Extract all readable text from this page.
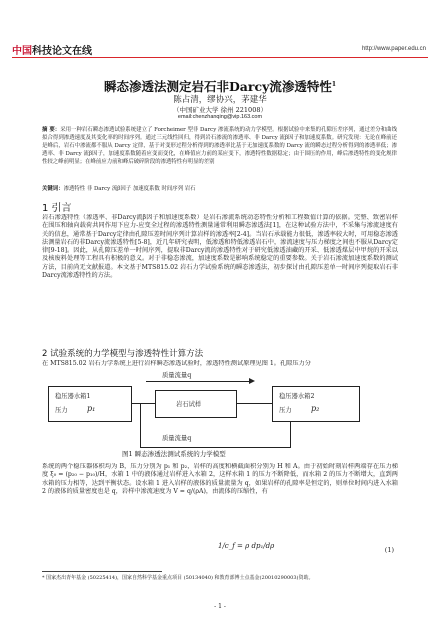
中国科技论文在线	http://www.paper.edu.cn
瞬态渗透法测定岩石非Darcy流渗透特性$^1$
陈占清，缪协兴，茅建华
（中国矿业大学 徐州 221008）
email:chenzhanqing@vip.163.com
摘 要：采用一种岩石瞬态渗透试验系统建立了 Forcheimer 型非 Darcy 渗流系统的动力学模型。根据试验中来集的孔隙压差序列，通过差分和曲线拟合得到渗透速度及其变化率的时间序列。通过三元线性回归，得到岩石渗流的渗透率、非 Darcy 流β因子和加速度系数。研究发现：无论在峰前还是峰后，岩石中渗流都不服从 Darcy 定律，基于对变形过程分析得到的渗透率比基于无加速度系数的 Darcy 流的瞬态过程分析得到的渗透率低；渗透率、非 Darcy 流β因子，加速度系数随着应变而变化，在峰值应力前的某应变下，渗透特性数据稳定；由于围压的作用，峰后渗透特性的变化规律性较之峰前明显；在峰前应力前和峰后破碎阶段的渗透特性有明显的差别
关键词：渗透特性 非 Darcy 流β因子 加速度系数 时间序列 岩石
1 引言
岩石渗透特性（渗透率、非Darcy流β因子和加速度系数）是岩石渗流系统动态特性分析和工程数值计算的依据。完整、致密岩样在围压和轴向载荷共同作用下应力-应变全过程的渗透特性测量通常利用瞬态渗透法[1]，在这种试验方法中，不采集与渗流速度有关的信息，通常基于Darcy定律由孔隙压差时间序列计算岩样的渗透率[2-4]。当岩石承载能力很低，渗透率较大时，可用稳态渗透法测量岩石的非Darcy流渗透特性[5-8]，近几年研究表明，低渗透和特低渗透岩石中，渗流速度与压力梯度之间也不服从Darcy定律[9-18]。因此，从孔隙压差单一时间序列，提取非Darcy流的渗透特性对于研究低渗透油藏的开采、低渗透煤层中甲烷的开采以及核废料处理等工程具有积极的意义。对于非稳态渗流，加速度系数是影响系统稳定的重要参数。关于岩石渗流加速度系数的测试方法，目前尚无文献报道。本文基于MTS815.02 岩石力学试验系统的瞬态渗透法，初步探讨由孔隙压差单一时间序列提取岩石非Darcy流渗透特性的方法。
2 试验系统的力学模型与渗透特性计算方法
在 MTS815.02 岩石力学系统上进行岩样瞬态渗透试验时，渗透特性测试原理见图 1。孔隙压力分
质量流量q
稳压器水箱1
压力 p₁	岩石试样
质量流量q
稳压器水箱2
压力 p₂
图1 瞬态渗透法测试系统的力学模型
系统的两个稳压器体积均为 B，压力分别为 p₁ 和 p₂，岩样的高度和横截面积分别为 H 和 A。由于初始时刻岩样两端存在压力梯度 ξ₀ = (p₂₀ − p₁₀)/H，水箱 1 中的液体通过岩样进入水箱 2，这样水箱 1 的压力不断降低，而水箱 2 的压力不断增大，直到两水箱的压力相等，达到平衡状态。设水箱 1 进入岩样的液体的质量流量为 q，如果岩样的孔隙率是恒定的，则单位时间内进入水箱 2 的液体的质量密度也是 q，岩样中渗流速度为 V = q/(ρA)，由流体的压缩性，有
1/c_f = ρ dp₁/dρ	(1)
* 国家杰出青年基金 (50225414)，国家自然科学基金重点项目 (50134040) 和教育部博士点基金(20010290003)资助。
- 1 -
